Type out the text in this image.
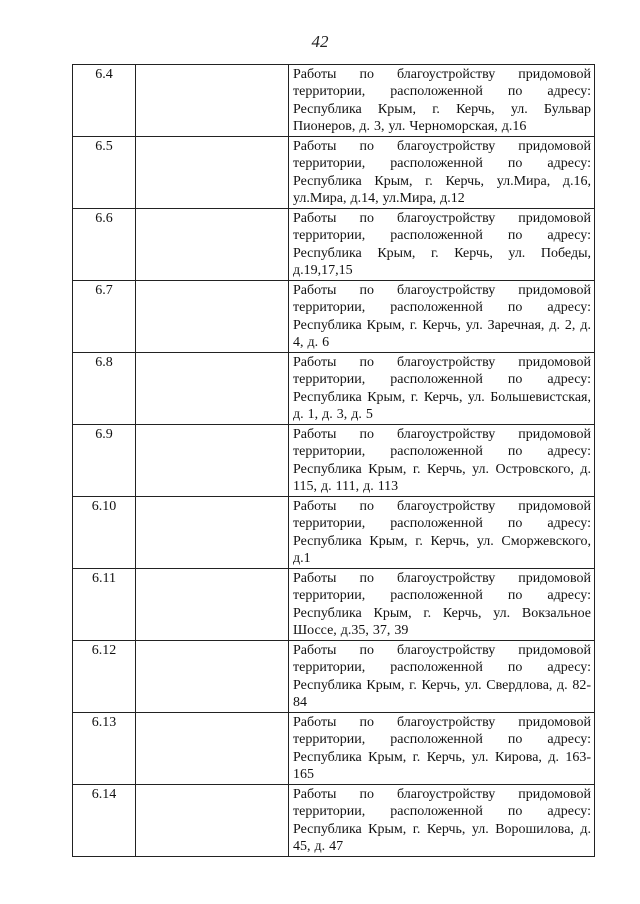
42
6.4		Работы по благоустройству придомовой территории, расположенной по адресу: Республика Крым, г. Керчь, ул. Бульвар Пионеров, д. 3, ул. Черноморская, д.16
6.5		Работы по благоустройству придомовой территории, расположенной по адресу: Республика Крым, г. Керчь, ул.Мира, д.16, ул.Мира, д.14, ул.Мира, д.12
6.6		Работы по благоустройству придомовой территории, расположенной по адресу: Республика Крым, г. Керчь, ул. Победы, д.19,17,15
6.7		Работы по благоустройству придомовой территории, расположенной по адресу: Республика Крым, г. Керчь, ул. Заречная, д. 2, д. 4, д. 6
6.8		Работы по благоустройству придомовой территории, расположенной по адресу: Республика Крым, г. Керчь, ул. Большевистская, д. 1, д. 3, д. 5
6.9		Работы по благоустройству придомовой территории, расположенной по адресу: Республика Крым, г. Керчь, ул. Островского, д. 115, д. 111, д. 113
6.10		Работы по благоустройству придомовой территории, расположенной по адресу: Республика Крым, г. Керчь, ул. Сморжевского, д.1
6.11		Работы по благоустройству придомовой территории, расположенной по адресу: Республика Крым, г. Керчь, ул. Вокзальное Шоссе, д.35, 37, 39
6.12		Работы по благоустройству придомовой территории, расположенной по адресу: Республика Крым, г. Керчь, ул. Свердлова, д. 82-84
6.13		Работы по благоустройству придомовой территории, расположенной по адресу: Республика Крым, г. Керчь, ул. Кирова, д. 163-165
6.14		Работы по благоустройству придомовой территории, расположенной по адресу: Республика Крым, г. Керчь, ул. Ворошилова, д. 45, д. 47
